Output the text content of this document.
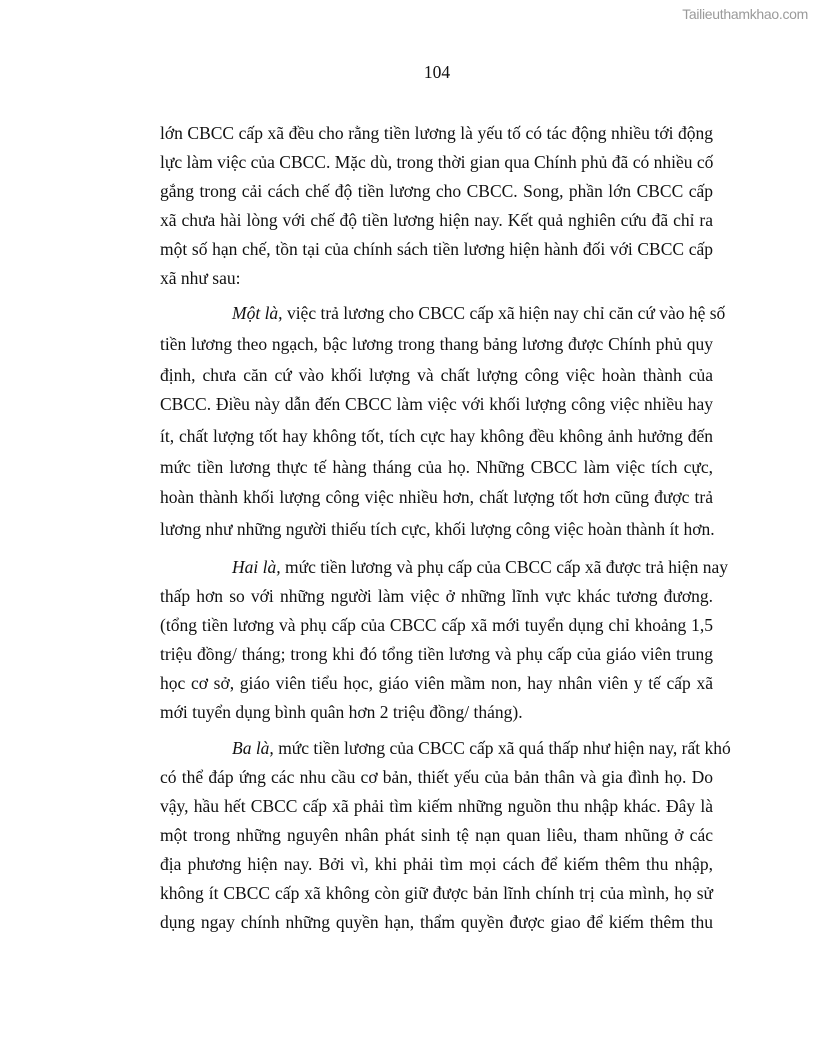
Tailieuthamkhao.com
104
lớn CBCC cấp xã đều cho rằng tiền lương là yếu tố có tác động nhiều tới động
lực làm việc của CBCC. Mặc dù, trong thời gian qua Chính phủ đã có nhiều cố
gắng trong cải cách chế độ tiền lương cho CBCC. Song, phần lớn CBCC cấp
xã chưa hài lòng với chế độ tiền lương hiện nay. Kết quả nghiên cứu đã chỉ ra
một số hạn chế, tồn tại của chính sách tiền lương hiện hành đối với CBCC cấp
xã như sau:
Một là, việc trả lương cho CBCC cấp xã hiện nay chỉ căn cứ vào hệ số
tiền lương theo ngạch, bậc lương trong thang bảng lương được Chính phủ quy
định, chưa căn cứ vào khối lượng và chất lượng công việc hoàn thành của
CBCC. Điều này dẫn đến CBCC làm việc với khối lượng công việc nhiều hay
ít, chất lượng tốt hay không tốt, tích cực hay không đều không ảnh hưởng đến
mức tiền lương thực tế hàng tháng của họ. Những CBCC làm việc tích cực,
hoàn thành khối lượng công việc nhiều hơn, chất lượng tốt hơn cũng được trả
lương như những người thiếu tích cực, khối lượng công việc hoàn thành ít hơn.
Hai là, mức tiền lương và phụ cấp của CBCC cấp xã được trả hiện nay
thấp hơn so với những người làm việc ở những lĩnh vực khác tương đương.
(tổng tiền lương và phụ cấp của CBCC cấp xã mới tuyển dụng chỉ khoảng 1,5
triệu đồng/ tháng; trong khi đó tổng tiền lương và phụ cấp của giáo viên trung
học cơ sở, giáo viên tiểu học, giáo viên mầm non, hay nhân viên y tế cấp xã
mới tuyển dụng bình quân hơn 2 triệu đồng/ tháng).
Ba là, mức tiền lương của CBCC cấp xã quá thấp như hiện nay, rất khó
có thể đáp ứng các nhu cầu cơ bản, thiết yếu của bản thân và gia đình họ. Do
vậy, hầu hết CBCC cấp xã phải tìm kiếm những nguồn thu nhập khác. Đây là
một trong những nguyên nhân phát sinh tệ nạn quan liêu, tham nhũng ở các
địa phương hiện nay. Bởi vì, khi phải tìm mọi cách để kiếm thêm thu nhập,
không ít CBCC cấp xã không còn giữ được bản lĩnh chính trị của mình, họ sử
dụng ngay chính những quyền hạn, thẩm quyền được giao để kiếm thêm thu
